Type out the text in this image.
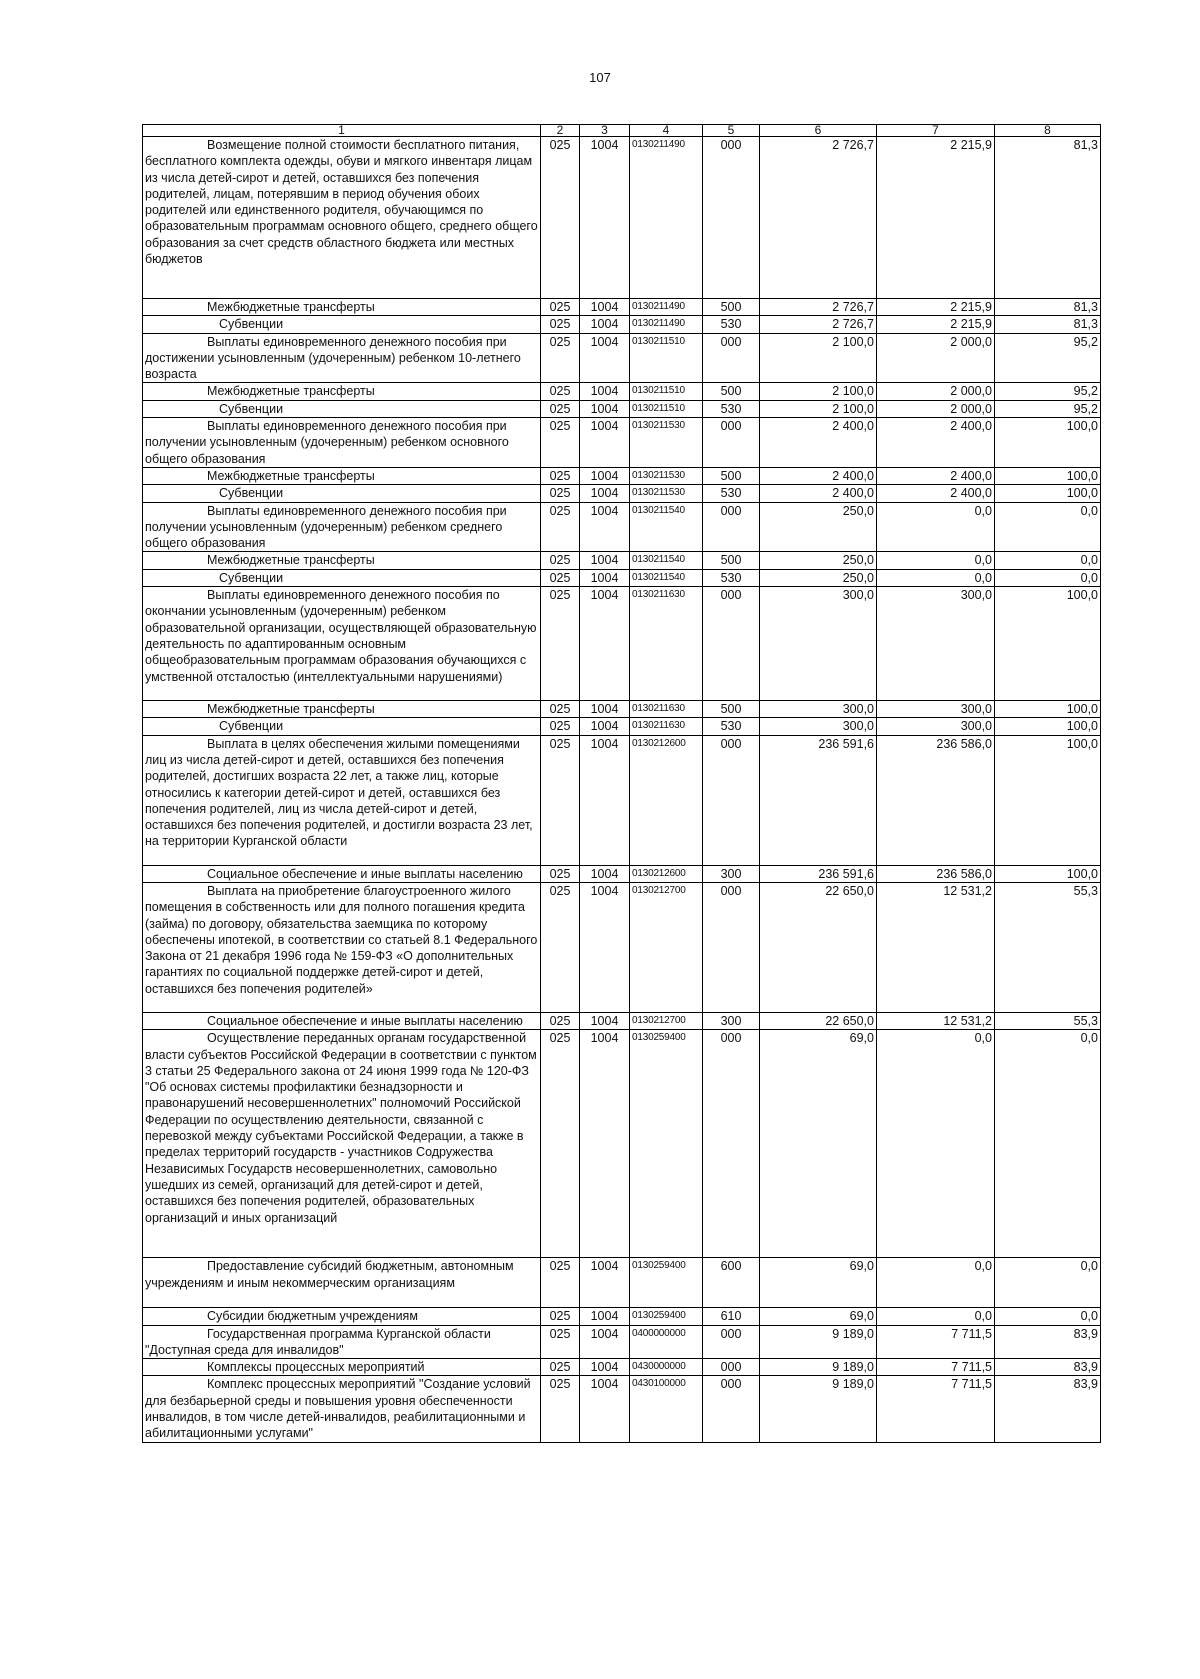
107
1	2	3	4	5	6	7	8

Возмещение полной стоимости бесплатного питания, бесплатного комплекта одежды, обуви и мягкого инвентаря лицам из числа детей-сирот и детей, оставшихся без попечения родителей, лицам, потерявшим в период обучения обоих родителей или единственного родителя, обучающимся по образовательным программам основного общего, среднего общего образования за счет средств областного бюджета или местных бюджетов	025	1004	0130211490	000	2 726,7	2 215,9	81,3

Межбюджетные трансферты	025	1004	0130211490	500	2 726,7	2 215,9	81,3

Субвенции	025	1004	0130211490	530	2 726,7	2 215,9	81,3

Выплаты единовременного денежного пособия при достижении усыновленным (удочеренным) ребенком 10-летнего возраста	025	1004	0130211510	000	2 100,0	2 000,0	95,2

Межбюджетные трансферты	025	1004	0130211510	500	2 100,0	2 000,0	95,2

Субвенции	025	1004	0130211510	530	2 100,0	2 000,0	95,2

Выплаты единовременного денежного пособия при получении усыновленным (удочеренным) ребенком основного общего образования	025	1004	0130211530	000	2 400,0	2 400,0	100,0

Межбюджетные трансферты	025	1004	0130211530	500	2 400,0	2 400,0	100,0

Субвенции	025	1004	0130211530	530	2 400,0	2 400,0	100,0

Выплаты единовременного денежного пособия при получении усыновленным (удочеренным) ребенком среднего общего образования	025	1004	0130211540	000	250,0	0,0	0,0

Межбюджетные трансферты	025	1004	0130211540	500	250,0	0,0	0,0

Субвенции	025	1004	0130211540	530	250,0	0,0	0,0

Выплаты единовременного денежного пособия по окончании усыновленным (удочеренным) ребенком образовательной организации, осуществляющей образовательную деятельность по адаптированным основным общеобразовательным программам образования обучающихся с умственной отсталостью (интеллектуальными нарушениями)	025	1004	0130211630	000	300,0	300,0	100,0

Межбюджетные трансферты	025	1004	0130211630	500	300,0	300,0	100,0

Субвенции	025	1004	0130211630	530	300,0	300,0	100,0

Выплата в целях обеспечения жилыми помещениями лиц из числа детей-сирот и детей, оставшихся без попечения родителей, достигших возраста 22 лет, а также лиц, которые относились к категории детей-сирот и детей, оставшихся без попечения родителей, лиц из числа детей-сирот и детей, оставшихся без попечения родителей, и достигли возраста 23 лет, на территории Курганской области	025	1004	0130212600	000	236 591,6	236 586,0	100,0

Социальное обеспечение и иные выплаты населению	025	1004	0130212600	300	236 591,6	236 586,0	100,0

Выплата на приобретение благоустроенного жилого помещения в собственность или для полного погашения кредита (займа) по договору, обязательства заемщика по которому обеспечены ипотекой, в соответствии со статьей 8.1 Федерального Закона от 21 декабря 1996 года № 159-ФЗ «О дополнительных гарантиях по социальной поддержке детей-сирот и детей, оставшихся без попечения родителей»	025	1004	0130212700	000	22 650,0	12 531,2	55,3

Социальное обеспечение и иные выплаты населению	025	1004	0130212700	300	22 650,0	12 531,2	55,3

Осуществление переданных органам государственной власти субъектов Российской Федерации в соответствии с пунктом 3 статьи 25 Федерального закона от 24 июня 1999 года № 120-ФЗ "Об основах системы профилактики безнадзорности и правонарушений несовершеннолетних" полномочий Российской Федерации по осуществлению деятельности, связанной с перевозкой между субъектами Российской Федерации, а также в пределах территорий государств - участников Содружества Независимых Государств несовершеннолетних, самовольно ушедших из семей, организаций для детей-сирот и детей, оставшихся без попечения родителей, образовательных организаций и иных организаций	025	1004	0130259400	000	69,0	0,0	0,0

Предоставление субсидий бюджетным, автономным учреждениям и иным некоммерческим организациям	025	1004	0130259400	600	69,0	0,0	0,0

Субсидии бюджетным учреждениям	025	1004	0130259400	610	69,0	0,0	0,0

Государственная программа Курганской области "Доступная среда для инвалидов"	025	1004	0400000000	000	9 189,0	7 711,5	83,9

Комплексы процессных мероприятий	025	1004	0430000000	000	9 189,0	7 711,5	83,9

Комплекс процессных мероприятий "Создание условий для безбарьерной среды и повышения уровня обеспеченности инвалидов, в том числе детей-инвалидов, реабилитационными и абилитационными услугами"	025	1004	0430100000	000	9 189,0	7 711,5	83,9
